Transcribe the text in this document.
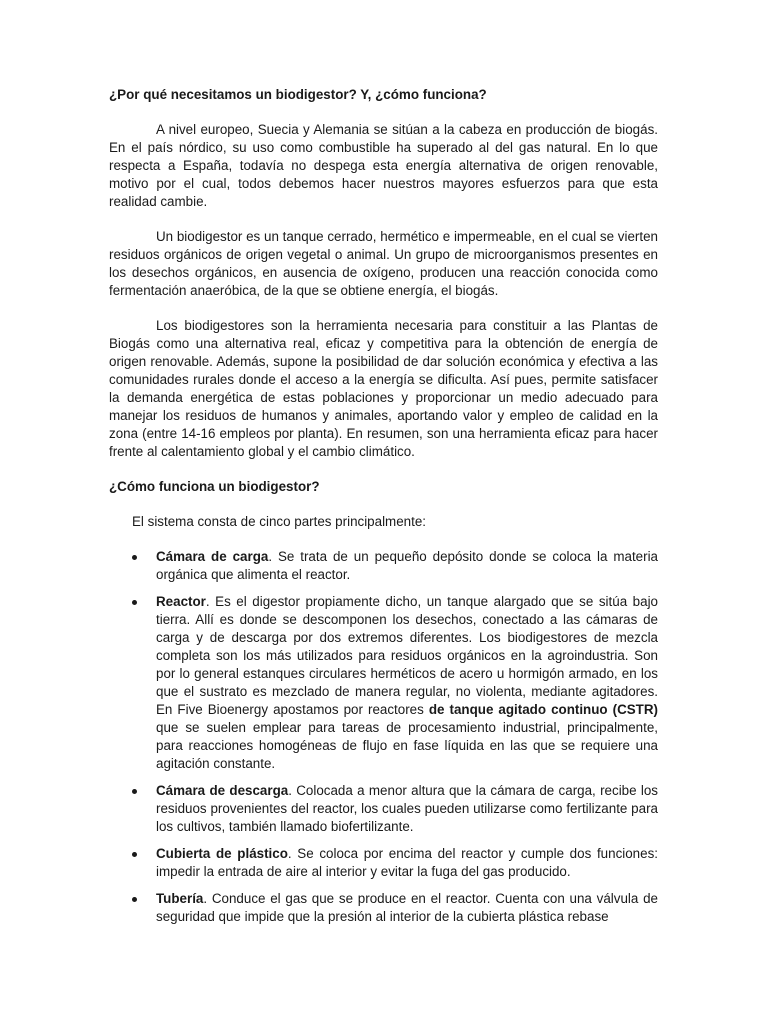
¿Por qué necesitamos un biodigestor? Y, ¿cómo funciona?

A nivel europeo, Suecia y Alemania se sitúan a la cabeza en producción de biogás. En el país nórdico, su uso como combustible ha superado al del gas natural. En lo que respecta a España, todavía no despega esta energía alternativa de origen renovable, motivo por el cual, todos debemos hacer nuestros mayores esfuerzos para que esta realidad cambie.

Un biodigestor es un tanque cerrado, hermético e impermeable, en el cual se vierten residuos orgánicos de origen vegetal o animal. Un grupo de microorganismos presentes en los desechos orgánicos, en ausencia de oxígeno, producen una reacción conocida como fermentación anaeróbica, de la que se obtiene energía, el biogás.

Los biodigestores son la herramienta necesaria para constituir a las Plantas de Biogás como una alternativa real, eficaz y competitiva para la obtención de energía de origen renovable. Además, supone la posibilidad de dar solución económica y efectiva a las comunidades rurales donde el acceso a la energía se dificulta. Así pues, permite satisfacer la demanda energética de estas poblaciones y proporcionar un medio adecuado para manejar los residuos de humanos y animales, aportando valor y empleo de calidad en la zona (entre 14-16 empleos por planta). En resumen, son una herramienta eficaz para hacer frente al calentamiento global y el cambio climático.

¿Cómo funciona un biodigestor?

El sistema consta de cinco partes principalmente:

Cámara de carga. Se trata de un pequeño depósito donde se coloca la materia orgánica que alimenta el reactor.
Reactor. Es el digestor propiamente dicho, un tanque alargado que se sitúa bajo tierra. Allí es donde se descomponen los desechos, conectado a las cámaras de carga y de descarga por dos extremos diferentes. Los biodigestores de mezcla completa son los más utilizados para residuos orgánicos en la agroindustria. Son por lo general estanques circulares herméticos de acero u hormigón armado, en los que el sustrato es mezclado de manera regular, no violenta, mediante agitadores. En Five Bioenergy apostamos por reactores de tanque agitado continuo (CSTR) que se suelen emplear para tareas de procesamiento industrial, principalmente, para reacciones homogéneas de flujo en fase líquida en las que se requiere una agitación constante.
Cámara de descarga. Colocada a menor altura que la cámara de carga, recibe los residuos provenientes del reactor, los cuales pueden utilizarse como fertilizante para los cultivos, también llamado biofertilizante.
Cubierta de plástico. Se coloca por encima del reactor y cumple dos funciones: impedir la entrada de aire al interior y evitar la fuga del gas producido.
Tubería. Conduce el gas que se produce en el reactor. Cuenta con una válvula de seguridad que impide que la presión al interior de la cubierta plástica rebase
